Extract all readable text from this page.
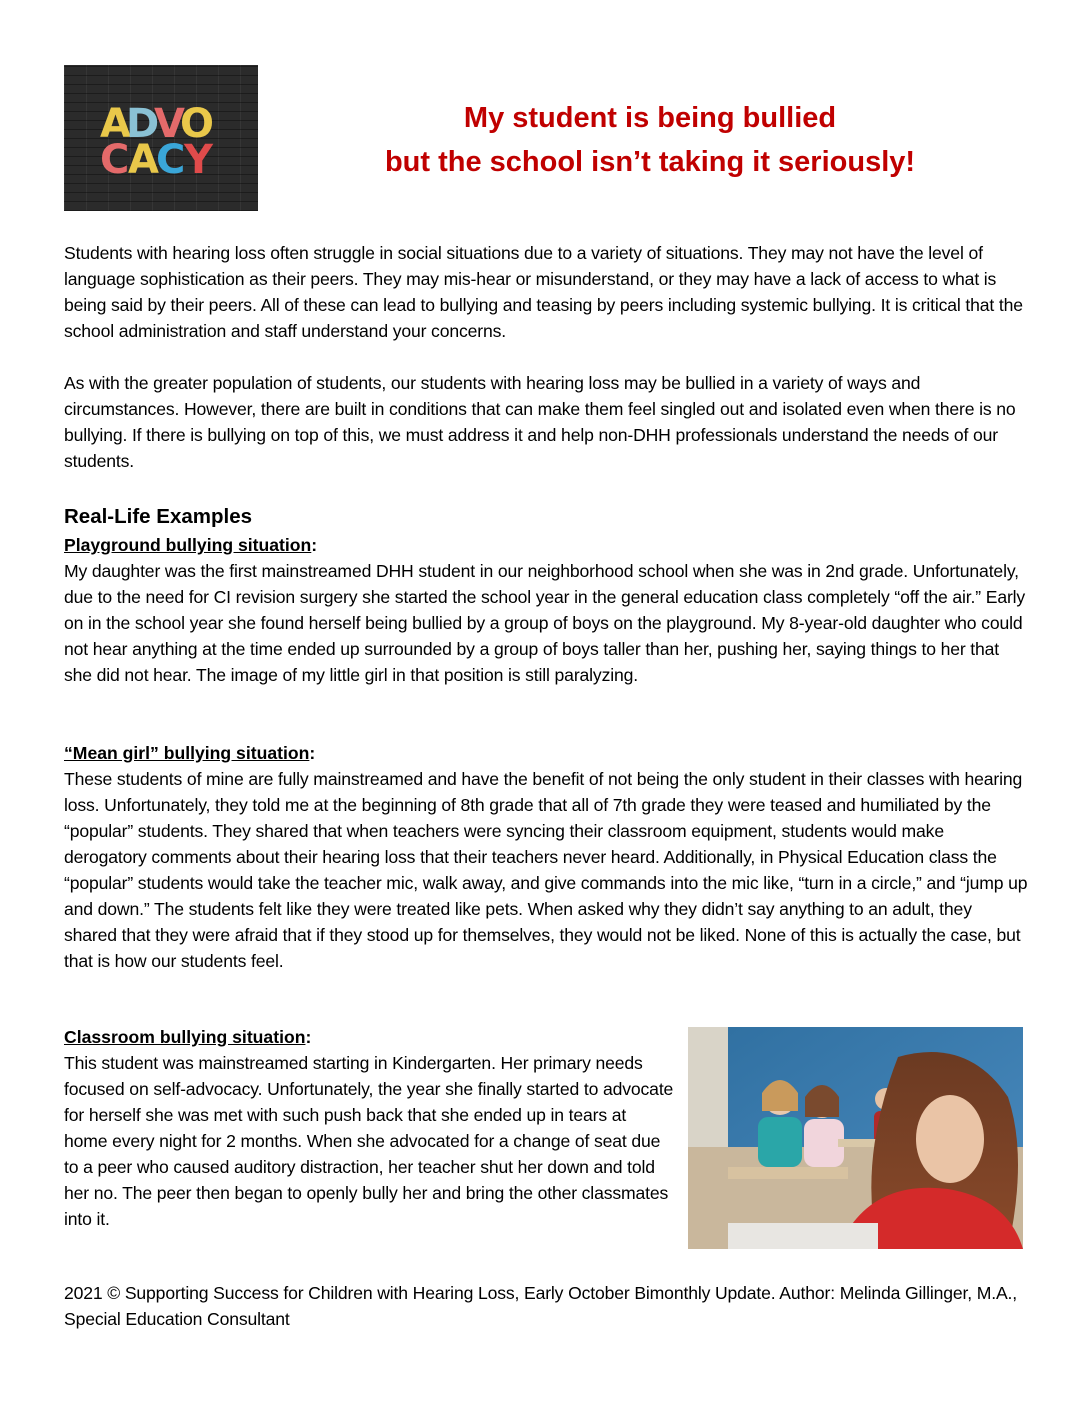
A
D
V
O
C
A
C
Y
My student is being bullied
but the school isn’t taking it seriously!
Students with hearing loss often struggle in social situations due to a variety of situations. They may not have the level of language sophistication as their peers. They may mis-hear or misunderstand, or they may have a lack of access to what is being said by their peers. All of these can lead to bullying and teasing by peers including systemic bullying. It is critical that the school administration and staff understand your concerns.
As with the greater population of students, our students with hearing loss may be bullied in a variety of ways and circumstances. However, there are built in conditions that can make them feel singled out and isolated even when there is no bullying. If there is bullying on top of this, we must address it and help non-DHH professionals understand the needs of our students.
Real-Life Examples
Playground bullying situation:
My daughter was the first mainstreamed DHH student in our neighborhood school when she was in 2nd grade. Unfortunately, due to the need for CI revision surgery she started the school year in the general education class completely “off the air.” Early on in the school year she found herself being bullied by a group of boys on the playground. My 8-year-old daughter who could not hear anything at the time ended up surrounded by a group of boys taller than her, pushing her, saying things to her that she did not hear. The image of my little girl in that position is still paralyzing.
“Mean girl” bullying situation:
These students of mine are fully mainstreamed and have the benefit of not being the only student in their classes with hearing loss. Unfortunately, they told me at the beginning of 8th grade that all of 7th grade they were teased and humiliated by the “popular” students. They shared that when teachers were syncing their classroom equipment, students would make derogatory comments about their hearing loss that their teachers never heard. Additionally, in Physical Education class the “popular” students would take the teacher mic, walk away, and give commands into the mic like, “turn in a circle,” and “jump up and down.” The students felt like they were treated like pets. When asked why they didn’t say anything to an adult, they shared that they were afraid that if they stood up for themselves, they would not be liked. None of this is actually the case, but that is how our students feel.
Classroom bullying situation:
This student was mainstreamed starting in Kindergarten. Her primary needs focused on self-advocacy. Unfortunately, the year she finally started to advocate for herself she was met with such push back that she ended up in tears at home every night for 2 months. When she advocated for a change of seat due to a peer who caused auditory distraction, her teacher shut her down and told her no. The peer then began to openly bully her and bring the other classmates into it.
2021 © Supporting Success for Children with Hearing Loss, Early October Bimonthly Update. Author: Melinda Gillinger, M.A., Special Education Consultant
